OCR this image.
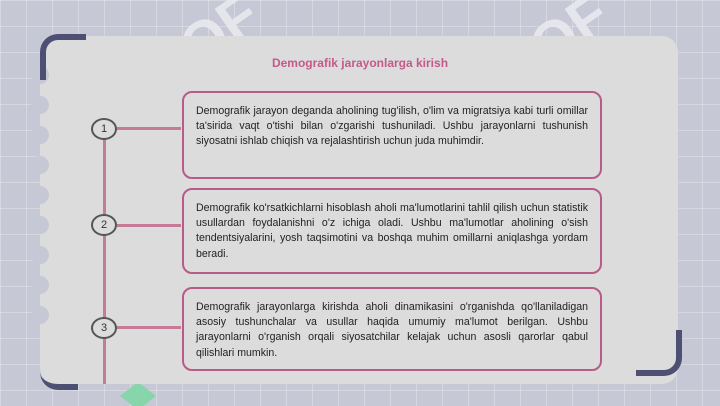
Demografik jarayonlarga kirish
1
Demografik jarayon deganda aholining tug'ilish, o'lim va migratsiya kabi turli omillar ta'sirida vaqt o'tishi bilan o'zgarishi tushuniladi. Ushbu jarayonlarni tushunish siyosatni ishlab chiqish va rejalashtirish uchun juda muhimdir.
2
Demografik ko'rsatkichlarni hisoblash aholi ma'lumotlarini tahlil qilish uchun statistik usullardan foydalanishni o'z ichiga oladi. Ushbu ma'lumotlar aholining o'sish tendentsiyalarini, yosh taqsimotini va boshqa muhim omillarni aniqlashga yordam beradi.
3
Demografik jarayonlarga kirishda aholi dinamikasini o'rganishda qo'llaniladigan asosiy tushunchalar va usullar haqida umumiy ma'lumot berilgan. Ushbu jarayonlarni o'rganish orqali siyosatchilar kelajak uchun asosli qarorlar qabul qilishlari mumkin.
